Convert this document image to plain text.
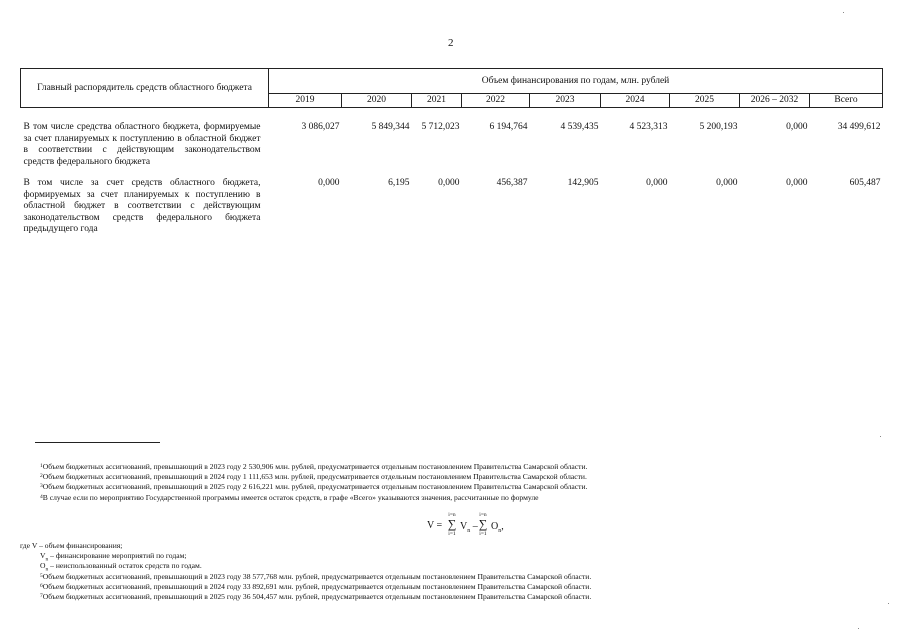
2
Главный распорядитель средств областного бюджета	Объем финансирования по годам, млн. рублей								
	2019	2020	2021	2022	2023	2024	2025	2026 – 2032	Всего

В том числе средства областного бюджета, формируемые за счет планируемых к поступлению в областной бюджет в соответствии с действующим законодательством средств федерального бюджета	3 086,027	5 849,344	5 712,023	6 194,764	4 539,435	4 523,313	5 200,193	0,000	34 499,612

В том числе за счет средств областного бюджета, формируемых за счет планируемых к поступлению в областной бюджет в соответствии с действующим законодательством средств федерального бюджета предыдущего года	0,000	6,195	0,000	456,387	142,905	0,000	0,000	0,000	605,487
$^1$Объем бюджетных ассигнований, превышающий в 2023 году 2 530,906 млн. рублей, предусматривается отдельным постановлением Правительства Самарской области.
$^2$Объем бюджетных ассигнований, превышающий в 2024 году 1 111,653 млн. рублей, предусматривается отдельным постановлением Правительства Самарской области.
$^3$Объем бюджетных ассигнований, превышающий в 2025 году 2 616,221 млн. рублей, предусматривается отдельным постановлением Правительства Самарской области.
$^4$В случае если по мероприятию Государственной программы имеется остаток средств, в графе «Всего» указываются значения, рассчитанные по формуле
V =
i=n
∑
i=1
$V_n$ –
i=n
∑
i=1
$O_n$,
где V – объем финансирования;
$V_n$ – финансирование мероприятий по годам;
$O_n$ – неиспользованный остаток средств по годам.
$^5$Объем бюджетных ассигнований, превышающий в 2023 году 38 577,768 млн. рублей, предусматривается отдельным постановлением Правительства Самарской области.
$^6$Объем бюджетных ассигнований, превышающий в 2024 году 33 892,691 млн. рублей, предусматривается отдельным постановлением Правительства Самарской области.
$^7$Объем бюджетных ассигнований, превышающий в 2025 году 36 504,457 млн. рублей, предусматривается отдельным постановлением Правительства Самарской области.
